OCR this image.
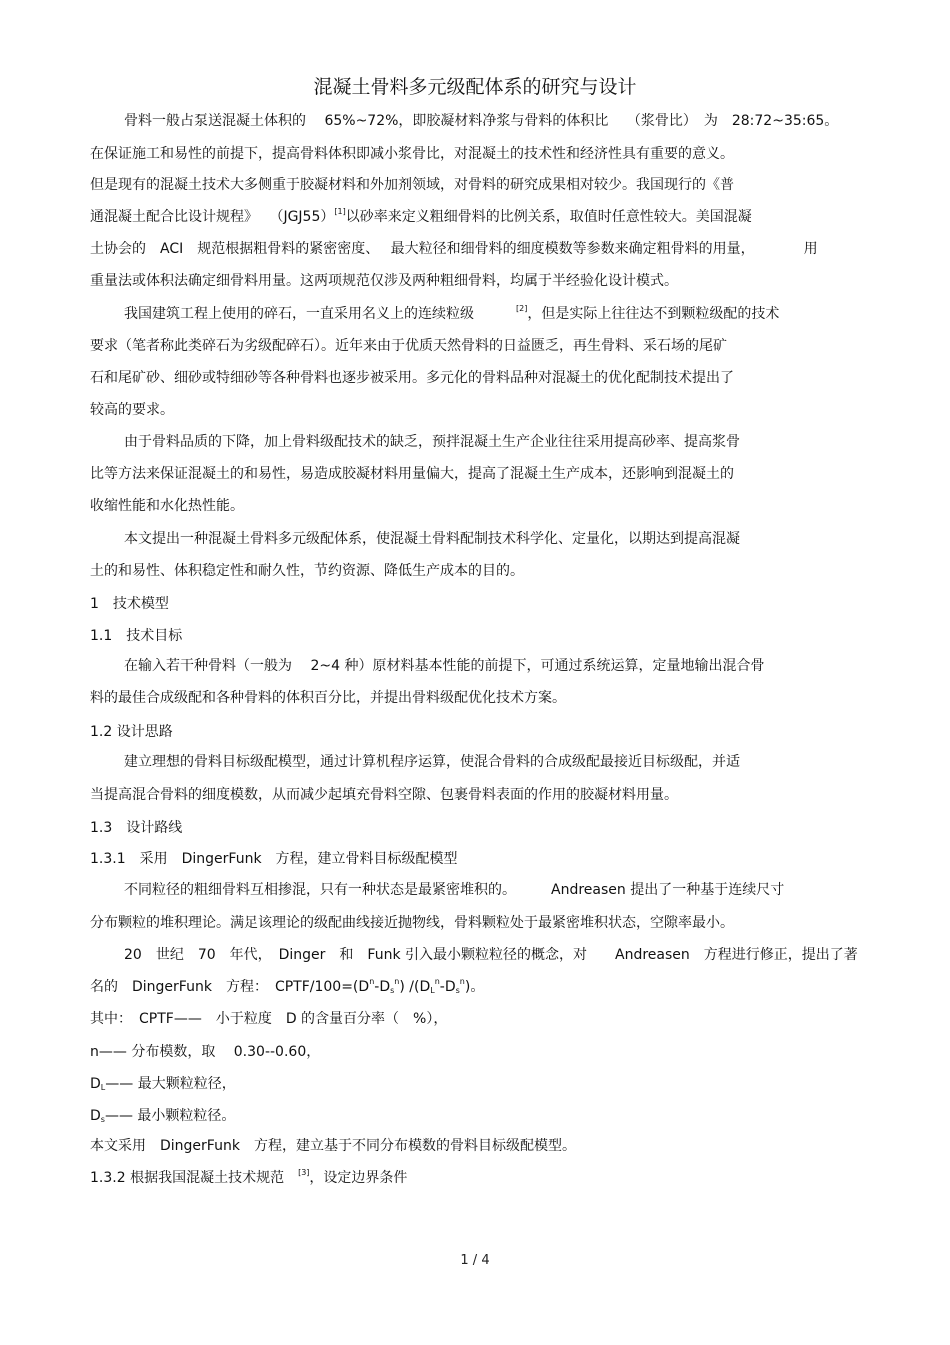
混凝土骨料多元级配体系的研究与设计
骨料一般占泵送混凝土体积的　 65%~72%，即胶凝材料净浆与骨料的体积比　 （浆骨比）　为　28:72~35:65。
在保证施工和易性的前提下，提高骨料体积即减小浆骨比，对混凝土的技术性和经济性具有重要的意义。
但是现有的混凝土技术大多侧重于胶凝材料和外加剂领域，对骨料的研究成果相对较少。我国现行的《普
通混凝土配合比设计规程》　 （JGJ55）[1]以砂率来定义粗细骨料的比例关系，取值时任意性较大。美国混凝
土协会的　ACI　规范根据粗骨料的紧密密度、　 最大粒径和细骨料的细度模数等参数来确定粗骨料的用量，　　　　用
重量法或体积法确定细骨料用量。这两项规范仅涉及两种粗细骨料，均属于半经验化设计模式。
我国建筑工程上使用的碎石，一直采用名义上的连续粒级　　　[2]，但是实际上往往达不到颗粒级配的技术
要求（笔者称此类碎石为劣级配碎石）。近年来由于优质天然骨料的日益匮乏，再生骨料、采石场的尾矿
石和尾矿砂、细砂或特细砂等各种骨料也逐步被采用。多元化的骨料品种对混凝土的优化配制技术提出了
较高的要求。
由于骨料品质的下降，加上骨料级配技术的缺乏，预拌混凝土生产企业往往采用提高砂率、提高浆骨
比等方法来保证混凝土的和易性，易造成胶凝材料用量偏大，提高了混凝土生产成本，还影响到混凝土的
收缩性能和水化热性能。
本文提出一种混凝土骨料多元级配体系，使混凝土骨料配制技术科学化、定量化，以期达到提高混凝
土的和易性、体积稳定性和耐久性，节约资源、降低生产成本的目的。
1　技术模型
1.1　技术目标
在输入若干种骨料（一般为　 2~4 种）原材料基本性能的前提下，可通过系统运算，定量地输出混合骨
料的最佳合成级配和各种骨料的体积百分比，并提出骨料级配优化技术方案。
1.2 设计思路
建立理想的骨料目标级配模型，通过计算机程序运算，使混合骨料的合成级配最接近目标级配，并适
当提高混合骨料的细度模数，从而减少起填充骨料空隙、包裹骨料表面的作用的胶凝材料用量。
1.3　设计路线
1.3.1　采用　DingerFunk　方程，建立骨料目标级配模型
不同粒径的粗细骨料互相掺混，只有一种状态是最紧密堆积的。　　　Andreasen 提出了一种基于连续尺寸
分布颗粒的堆积理论。满足该理论的级配曲线接近抛物线，骨料颗粒处于最紧密堆积状态，空隙率最小。
20　世纪　70　年代，　Dinger　和　Funk 引入最小颗粒粒径的概念，对　　Andreasen　方程进行修正，提出了著
名的　DingerFunk　方程：　CPTF/$100=(D^n-D_s^n)$ $/(D_L^n-D_s^n)$。
其中：　CPTF——　小于粒度　D 的含量百分率（　%），
n—— 分布模数，取　 0.30--0.60，
$D_L——$ 最大颗粒粒径，
$D_s——$ 最小颗粒粒径。
本文采用　DingerFunk　方程，建立基于不同分布模数的骨料目标级配模型。
1.3.2 根据我国混凝土技术规范　[3]，设定边界条件
1 / 4
